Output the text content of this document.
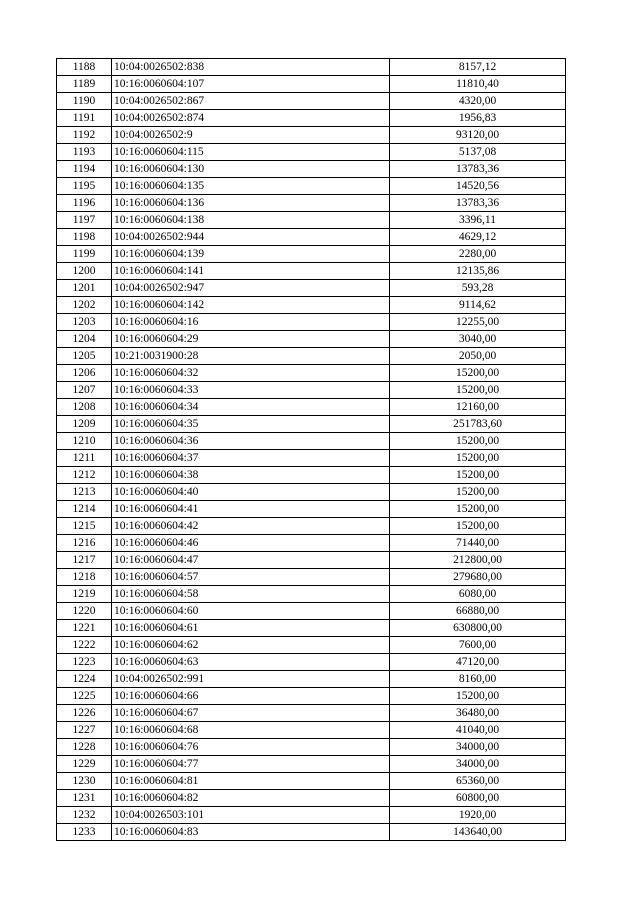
1188	10:04:0026502:838	8157,12
1189	10:16:0060604:107	11810,40
1190	10:04:0026502:867	4320,00
1191	10:04:0026502:874	1956,83
1192	10:04:0026502:9	93120,00
1193	10:16:0060604:115	5137,08
1194	10:16:0060604:130	13783,36
1195	10:16:0060604:135	14520,56
1196	10:16:0060604:136	13783,36
1197	10:16:0060604:138	3396,11
1198	10:04:0026502:944	4629,12
1199	10:16:0060604:139	2280,00
1200	10:16:0060604:141	12135,86
1201	10:04:0026502:947	593,28
1202	10:16:0060604:142	9114,62
1203	10:16:0060604:16	12255,00
1204	10:16:0060604:29	3040,00
1205	10:21:0031900:28	2050,00
1206	10:16:0060604:32	15200,00
1207	10:16:0060604:33	15200,00
1208	10:16:0060604:34	12160,00
1209	10:16:0060604:35	251783,60
1210	10:16:0060604:36	15200,00
1211	10:16:0060604:37	15200,00
1212	10:16:0060604:38	15200,00
1213	10:16:0060604:40	15200,00
1214	10:16:0060604:41	15200,00
1215	10:16:0060604:42	15200,00
1216	10:16:0060604:46	71440,00
1217	10:16:0060604:47	212800,00
1218	10:16:0060604:57	279680,00
1219	10:16:0060604:58	6080,00
1220	10:16:0060604:60	66880,00
1221	10:16:0060604:61	630800,00
1222	10:16:0060604:62	7600,00
1223	10:16:0060604:63	47120,00
1224	10:04:0026502:991	8160,00
1225	10:16:0060604:66	15200,00
1226	10:16:0060604:67	36480,00
1227	10:16:0060604:68	41040,00
1228	10:16:0060604:76	34000,00
1229	10:16:0060604:77	34000,00
1230	10:16:0060604:81	65360,00
1231	10:16:0060604:82	60800,00
1232	10:04:0026503:101	1920,00
1233	10:16:0060604:83	143640,00
